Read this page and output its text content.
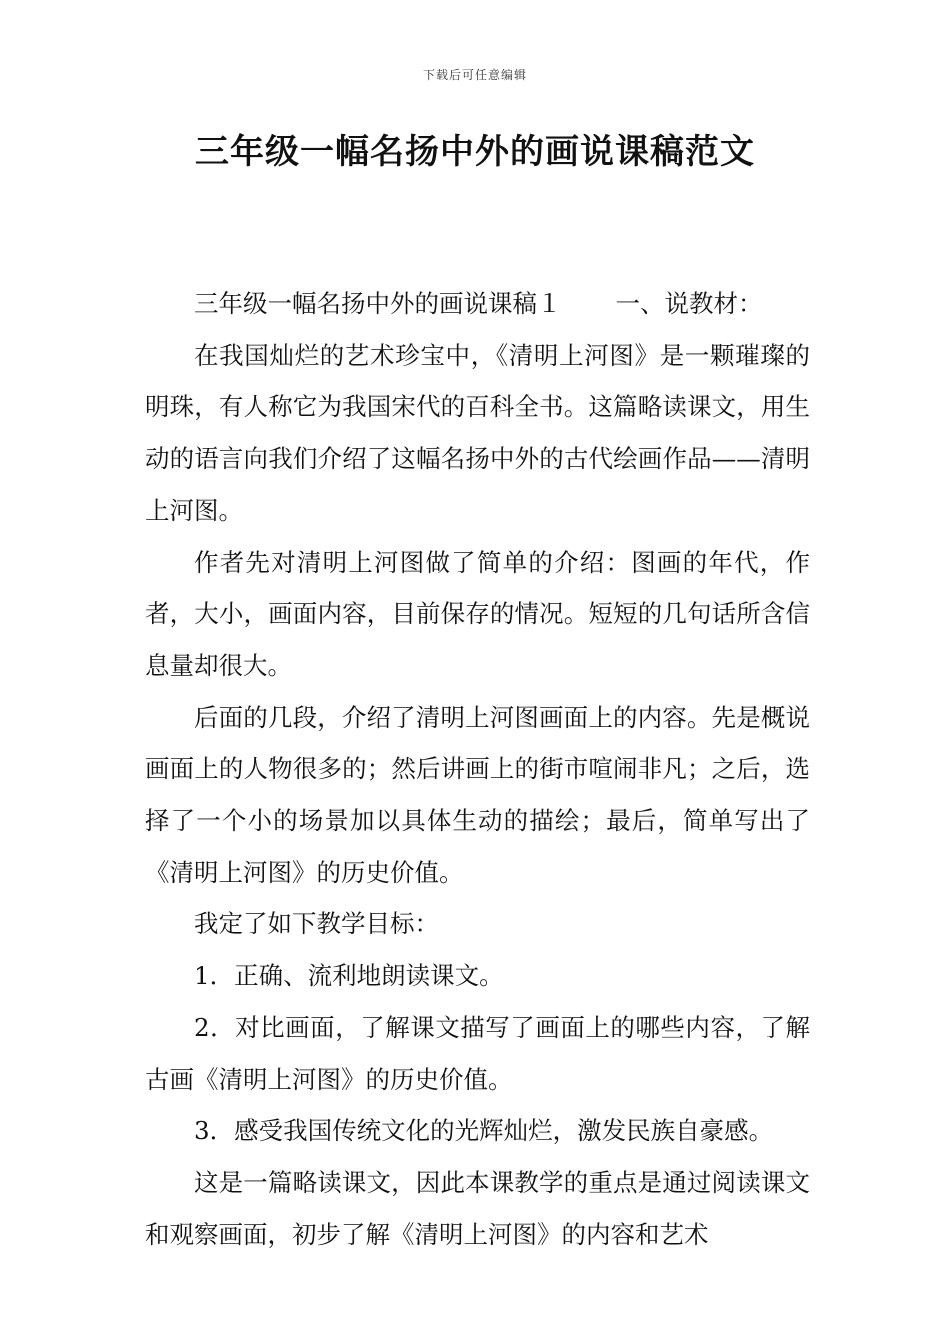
下载后可任意编辑
三年级一幅名扬中外的画说课稿范文

三年级一幅名扬中外的画说课稿１ 一、说教材：

在我国灿烂的艺术珍宝中，《清明上河图》是一颗璀璨的明珠，有人称它为我国宋代的百科全书。这篇略读课文，用生动的语言向我们介绍了这幅名扬中外的古代绘画作品——清明上河图。

作者先对清明上河图做了简单的介绍：图画的年代，作者，大小，画面内容，目前保存的情况。短短的几句话所含信息量却很大。

后面的几段，介绍了清明上河图画面上的内容。先是概说画面上的人物很多的；然后讲画上的街市喧闹非凡；之后，选择了一个小的场景加以具体生动的描绘；最后，简单写出了《清明上河图》的历史价值。

我定了如下教学目标：

1．正确、流利地朗读课文。

2．对比画面，了解课文描写了画面上的哪些内容，了解古画《清明上河图》的历史价值。

3．感受我国传统文化的光辉灿烂，激发民族自豪感。

这是一篇略读课文，因此本课教学的重点是通过阅读课文和观察画面，初步了解《清明上河图》的内容和艺术
